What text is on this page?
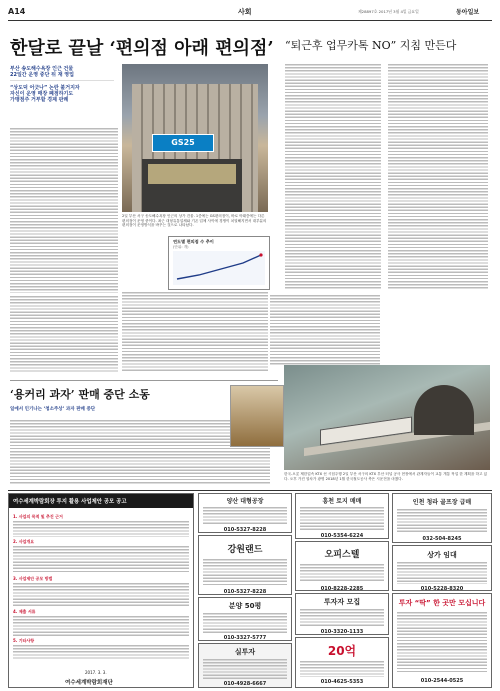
A14	사회	제28897호 2017년 3월 4일 금요일	동아일보
한달로 끝날 ‘편의점 아래 편의점’ “퇴근후 업무카톡 NO” 지침 만든다
부산 송도해수욕장 인근 건물
22일간 운영 중단 뒤 재 영업
“상도덕 어긋나” 논란 불거지자
자신이 운영 매장 폐점하기도
가맹점주 거부할 경제 판례
GS25
2일 부산 서구 송도해수욕장 인근의 상가 건물. 1층에는 GS편의점이, 바로 아래층에는 다른 편의점이 운영 중이다. 최근 대형유통업체와 기존 업체 사이에 경쟁이 치열해지면서 대부분의 편의점이 운영방식을 바꾸는 것으로 나타났다.
연도별 편의점 수 추이
(단위: 개)
한국-오롯 제한업속 KTX 선 시험주행 2일 부산 서구의 KTX 부산 터널 공사 현장에서 관계자들이 교통 개통 작업 한 계획을 하고 있다. 오후 가진 열차가 광명 2018년 1월 한국철도공사 측은 시운전을 마쳤다.
‘용커리 과자’ 판매 중단 소동
일에서 인기나는 ‘청소주상’ 과자 판매 중단
여수세계박람회장 투지 활용 사업제안 공모 공고
1. 사업의 목적 및 추진 근거
2. 사업개요
3. 사업제안 공모 방법
4. 제출 서류
5. 기타사항
2017. 3. 3.
여수세계박람회재단
양산 대형공장
010-5327-8228
강원랜드
010-5327-8228
분양 50평
010-3327-5777
실투자
010-4928-6667
흥천 토지 매매
010-5354-6224
오피스텔
010-8228-2285
투자자 모집
010-3320-1133
20억
010-4625-5353
인천 청라 골프장 급매
032-504-8245
상가 임대
010-5228-8320
투자 “딱” 한 곳만 모십니다
010-2544-0525
